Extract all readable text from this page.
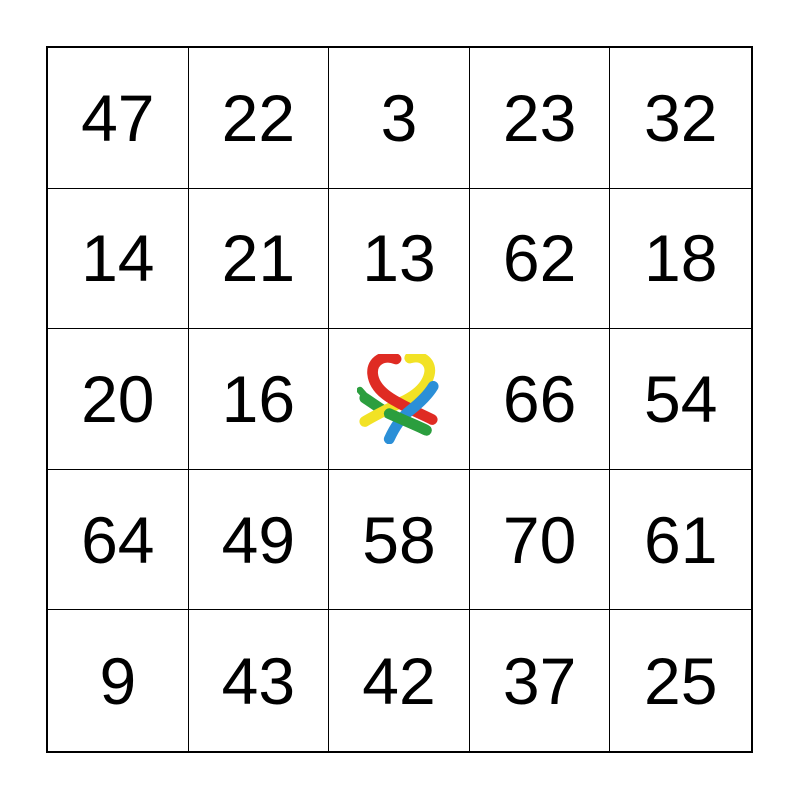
47 22 3 23 32
14 21 13 62 18
20 16	66 54
64 49 58 70 61
9 43 42 37 25
